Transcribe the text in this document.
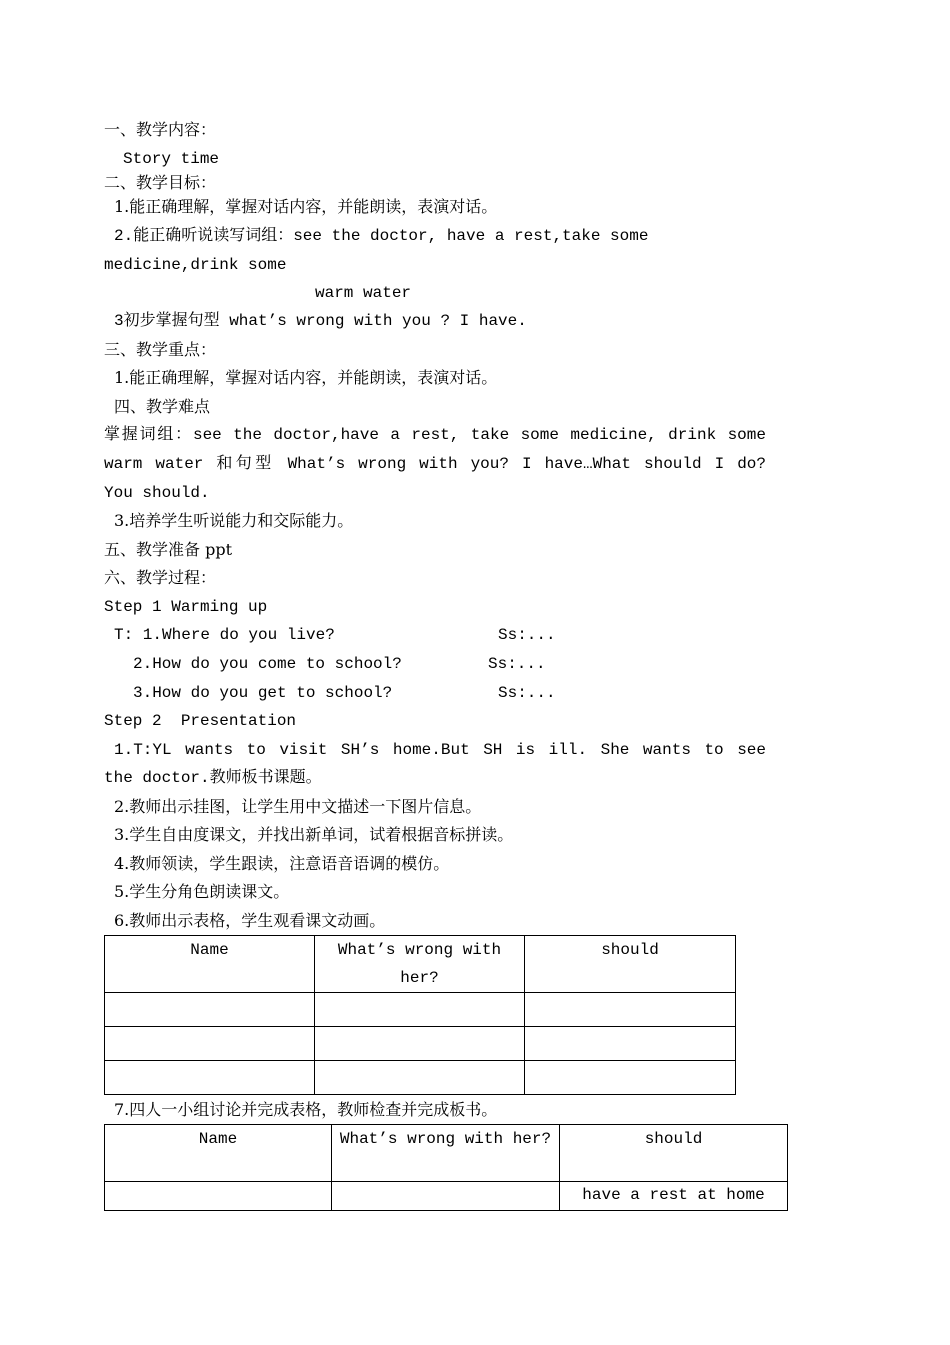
一、教学内容：
Story time
二、教学目标：
1.能正确理解，掌握对话内容，并能朗读，表演对话。
2.能正确听说读写词组：see the doctor, have a rest,take some
medicine,drink some
warm water
3初步掌握句型 what’s wrong with you ? I have.
三、教学重点：
1.能正确理解，掌握对话内容，并能朗读，表演对话。
四、教学难点
掌握词组：see the doctor,have a rest, take some medicine, drink some
warm water 和句型 What’s wrong with you? I have…What should I do?
You should.
3.培养学生听说能力和交际能力。
五、教学准备 ppt
六、教学过程：
Step 1 Warming up
T: 1.Where do you live?	Ss:...
2.How do you come to school?	Ss:...
3.How do you get to school?	Ss:...
Step 2  Presentation
1.T:YL wants to visit SH’s home.But SH is ill. She wants to see
the doctor.教师板书课题。
2.教师出示挂图，让学生用中文描述一下图片信息。
3.学生自由度课文，并找出新单词，试着根据音标拼读。
4.教师领读，学生跟读，注意语音语调的模仿。
5.学生分角色朗读课文。
6.教师出示表格，学生观看课文动画。
Name	What’s wrong with her?	should

7.四人一小组讨论并完成表格，教师检查并完成板书。
Name	What’s wrong with her?	should
		have a rest at home
